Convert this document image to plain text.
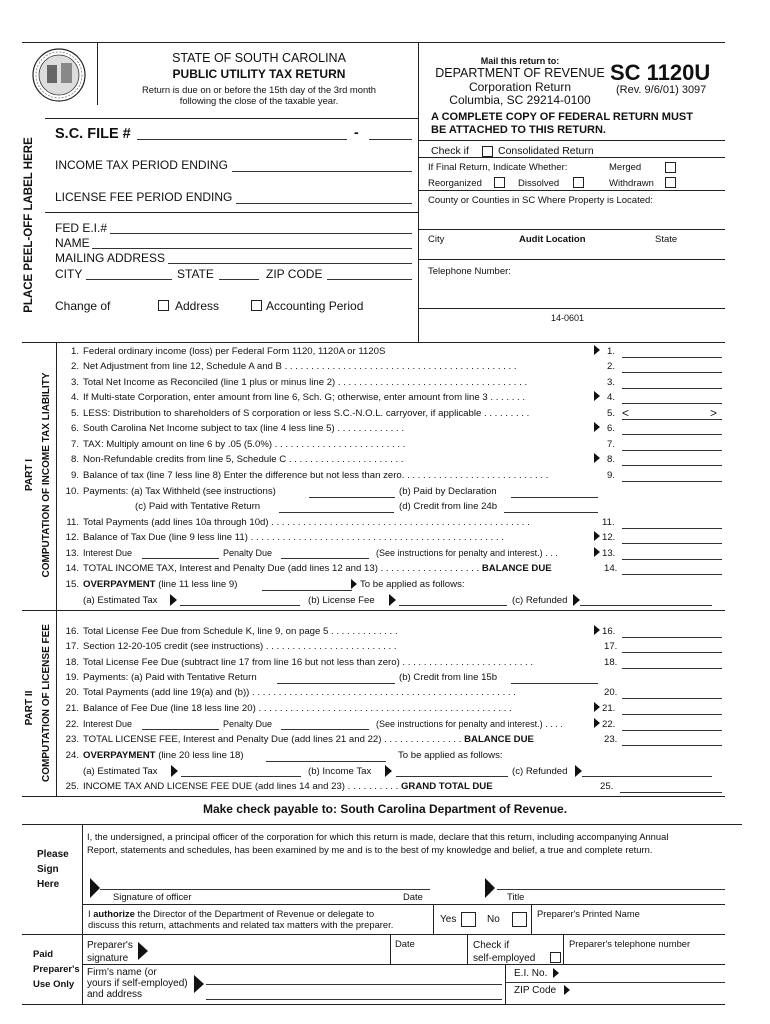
STATE OF SOUTH CAROLINA
PUBLIC UTILITY TAX RETURN
Return is due on or before the 15th day of the 3rd month
following the close of the taxable year.
Mail this return to:
DEPARTMENT OF REVENUE
Corporation Return
Columbia, SC 29214-0100
SC 1120U
(Rev. 9/6/01) 3097
PLACE PEEL-OFF LABEL HERE
S.C. FILE #	-
INCOME TAX PERIOD ENDING
LICENSE FEE PERIOD ENDING
FED E.I.#
NAME
MAILING ADDRESS
CITY	STATE	ZIP CODE
Change of	Address	Accounting Period
A COMPLETE COPY OF FEDERAL RETURN MUST
BE ATTACHED TO THIS RETURN.
Check if	Consolidated Return
If Final Return, Indicate Whether:	Merged
Reorganized	Dissolved	Withdrawn
County or Counties in SC Where Property is Located:
City	Audit Location	State
Telephone Number:
14-0601
COMPUTATION OF INCOME TAX LIABILITY
PART I
1. Federal ordinary income (loss) per Federal Form 1120, 1120A or 1120S	1.
2. Net Adjustment from line 12, Schedule A and B . . . . . . . . . . . . . . . . . . . . . . . . . . . . . . . . . . . . . . . . . . . .	2.
3. Total Net Income as Reconciled (line 1 plus or minus line 2) . . . . . . . . . . . . . . . . . . . . . . . . . . . . . . . . . . . .	3.
4. If Multi-state Corporation, enter amount from line 6, Sch. G; otherwise, enter amount from line 3 . . . . . . .	4.
5. LESS: Distribution to shareholders of S corporation or less S.C.-N.O.L. carryover, if applicable . . . . . . . . .	5. <	>
6. South Carolina Net Income subject to tax (line 4 less line 5) . . . . . . . . . . . . .	6.
7. TAX: Multiply amount on line 6 by .05 (5.0%) . . . . . . . . . . . . . . . . . . . . . . . . .	7.
8. Non-Refundable credits from line 5, Schedule C . . . . . . . . . . . . . . . . . . . . . .	8.
9. Balance of tax (line 7 less line 8) Enter the difference but not less than zero. . . . . . . . . . . . . . . . . . . . . . . . . . . .	9.
10. Payments: (a) Tax Withheld (see instructions)	(b) Paid by Declaration
(c) Paid with Tentative Return	(d) Credit from line 24b
11. Total Payments (add lines 10a through 10d) . . . . . . . . . . . . . . . . . . . . . . . . . . . . . . . . . . . . . . . . . . . . . . . . .	11.
12. Balance of Tax Due (line 9 less line 11) . . . . . . . . . . . . . . . . . . . . . . . . . . . . . . . . . . . . . . . . . . . . . . . .	12.
13. Interest Due	Penalty Due	(See instructions for penalty and interest.) . . .	13.
14. TOTAL INCOME TAX, Interest and Penalty Due (add lines 12 and 13) . . . . . . . . . . . . . . . . . . . BALANCE DUE	14.
15. OVERPAYMENT (line 11 less line 9)	To be applied as follows:
(a) Estimated Tax	(b) License Fee	(c) Refunded
COMPUTATION OF LICENSE FEE
PART II
16. Total License Fee Due from Schedule K, line 9, on page 5 . . . . . . . . . . . . .	16.
17. Section 12-20-105 credit (see instructions) . . . . . . . . . . . . . . . . . . . . . . . . .	17.
18. Total License Fee Due (subtract line 17 from line 16 but not less than zero) . . . . . . . . . . . . . . . . . . . . . . . . .	18.
19. Payments: (a) Paid with Tentative Return	(b) Credit from line 15b
20. Total Payments (add line 19(a) and (b)) . . . . . . . . . . . . . . . . . . . . . . . . . . . . . . . . . . . . . . . . . . . . . . . . . .	20.
21. Balance of Fee Due (line 18 less line 20) . . . . . . . . . . . . . . . . . . . . . . . . . . . . . . . . . . . . . . . . . . . . . . . .	21.
22. Interest Due	Penalty Due	(See instructions for penalty and interest.) . . . .	22.
23. TOTAL LICENSE FEE, Interest and Penalty Due (add lines 21 and 22) . . . . . . . . . . . . . . . BALANCE DUE	23.
24. OVERPAYMENT (line 20 less line 18)	To be applied as follows:
(a) Estimated Tax	(b) Income Tax	(c) Refunded
25. INCOME TAX AND LICENSE FEE DUE (add lines 14 and 23) . . . . . . . . . . GRAND TOTAL DUE	25.
Make check payable to: South Carolina Department of Revenue.
Please
Sign
Here
I, the undersigned, a principal officer of the corporation for which this return is made, declare that this return, including accompanying Annual
Report, statements and schedules, has been examined by me and is to the best of my knowledge and belief, a true and complete return.
Signature of officer	Date	Title
I authorize the Director of the Department of Revenue or delegate to
discuss this return, attachments and related tax matters with the preparer.	Yes	No
Preparer's Printed Name
Paid
Preparer's
Use Only
Preparer's
signature
Date	Check if
self-employed
Preparer's telephone number
Firm's name (or
yours if self-employed)
and address
E.I. No.
ZIP Code
